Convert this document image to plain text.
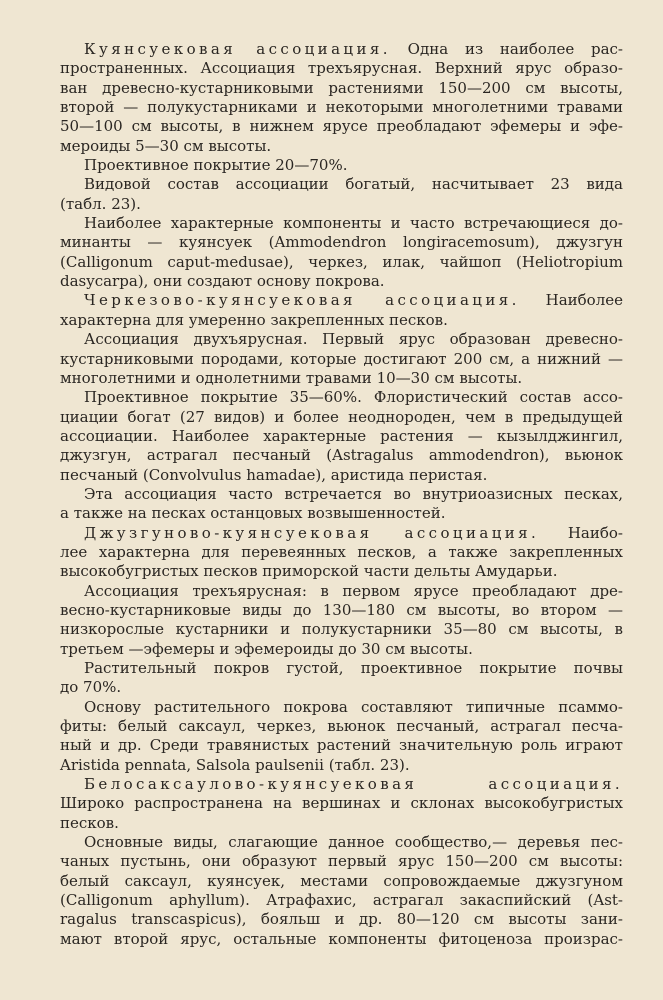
Куянсуековая ассоциация. Одна из наиболее рас-
пространенных. Ассоциация трехъярусная. Верхний ярус образо-
ван древесно-кустарниковыми растениями 150—200 см высоты,
второй — полукустарниками и некоторыми многолетними травами
50—100 см высоты, в нижнем ярусе преобладают эфемеры и эфе-
мероиды 5—30 см высоты.
Проективное покрытие 20—70%.
Видовой состав ассоциации богатый, насчитывает 23 вида
(табл. 23).
Наиболее характерные компоненты и часто встречающиеся до-
минанты — куянсуек (Ammodendron longiracemosum), джузгун
(Calligonum caput-medusae), черкез, илак, чайшоп (Heliotropium
dasycarpa), они создают основу покрова.
Черкезово-куянсуековая ассоциация. Наиболее
характерна для умеренно закрепленных песков.
Ассоциация двухъярусная. Первый ярус образован древесно-
кустарниковыми породами, которые достигают 200 см, а нижний —
многолетними и однолетними травами 10—30 см высоты.
Проективное покрытие 35—60%. Флористический состав ассо-
циации богат (27 видов) и более неоднороден, чем в предыдущей
ассоциации. Наиболее характерные растения — кызылджингил,
джузгун, астрагал песчаный (Astragalus ammodendron), вьюнок
песчаный (Convolvulus hamadae), аристида перистая.
Эта ассоциация часто встречается во внутриоазисных песках,
а также на песках останцовых возвышенностей.
Джузгуново-куянсуековая ассоциация. Наибо-
лее характерна для перевеянных песков, а также закрепленных
высокобугристых песков приморской части дельты Амударьи.
Ассоциация трехъярусная: в первом ярусе преобладают дре-
весно-кустарниковые виды до 130—180 см высоты, во втором —
низкорослые кустарники и полукустарники 35—80 см высоты, в
третьем —эфемеры и эфемероиды до 30 см высоты.
Растительный покров густой, проективное покрытие почвы
до 70%.
Основу растительного покрова составляют типичные псаммо-
фиты: белый саксаул, черкез, вьюнок песчаный, астрагал песча-
ный и др. Среди травянистых растений значительную роль играют
Aristida pennata, Salsola paulsenii (табл. 23).
Белосаксауловo-куянсуековая ассоциация.
Широко распространена на вершинах и склонах высокобугристых
песков.
Основные виды, слагающие данное сообщество,— деревья пес-
чаных пустынь, они образуют первый ярус 150—200 см высоты:
белый саксаул, куянсуек, местами сопровождаемые джузгуном
(Calligonum aphyllum). Атрафахис, астрагал закаспийский (Ast-
ragalus transcaspicus), бояльш и др. 80—120 см высоты зани-
мают второй ярус, остальные компоненты фитоценоза произрас-
